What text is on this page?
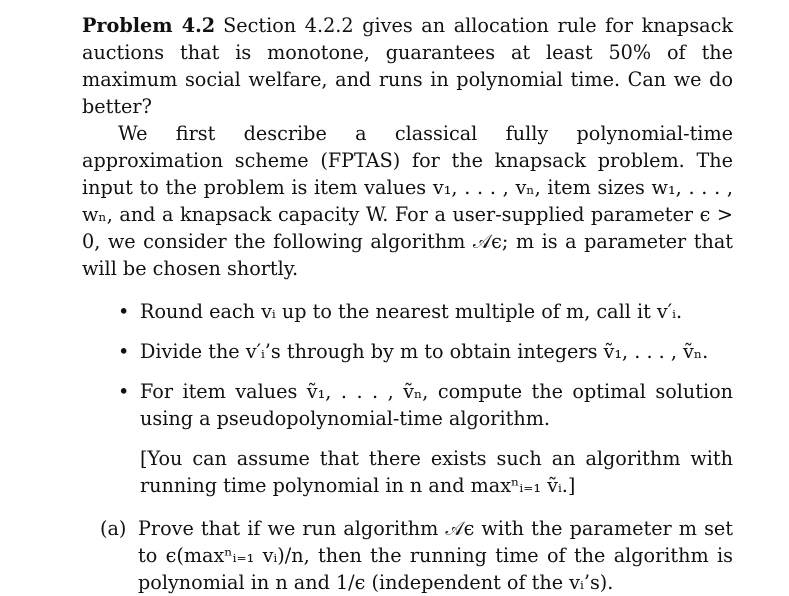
Problem 4.2 Section 4.2.2 gives an allocation rule for knapsack auctions that is monotone, guarantees at least 50% of the maximum social welfare, and runs in polynomial time. Can we do better?

We first describe a classical fully polynomial-time approximation scheme (FPTAS) for the knapsack problem. The input to the problem is item values v₁, . . . , vₙ, item sizes w₁, . . . , wₙ, and a knapsack capacity W. For a user-supplied parameter ϵ > 0, we consider the following algorithm 𝒜ϵ; m is a parameter that will be chosen shortly.

• Round each vᵢ up to the nearest multiple of m, call it v′ᵢ.
• Divide the v′ᵢ’s through by m to obtain integers ṽ₁, . . . , ṽₙ.
• For item values ṽ₁, . . . , ṽₙ, compute the optimal solution using a pseudopolynomial-time algorithm.

[You can assume that there exists such an algorithm with running time polynomial in n and maxⁿᵢ₌₁ ṽᵢ.]

(a) Prove that if we run algorithm 𝒜ϵ with the parameter m set to ϵ(maxⁿᵢ₌₁ vᵢ)/n, then the running time of the algorithm is polynomial in n and 1/ϵ (independent of the vᵢ’s).
